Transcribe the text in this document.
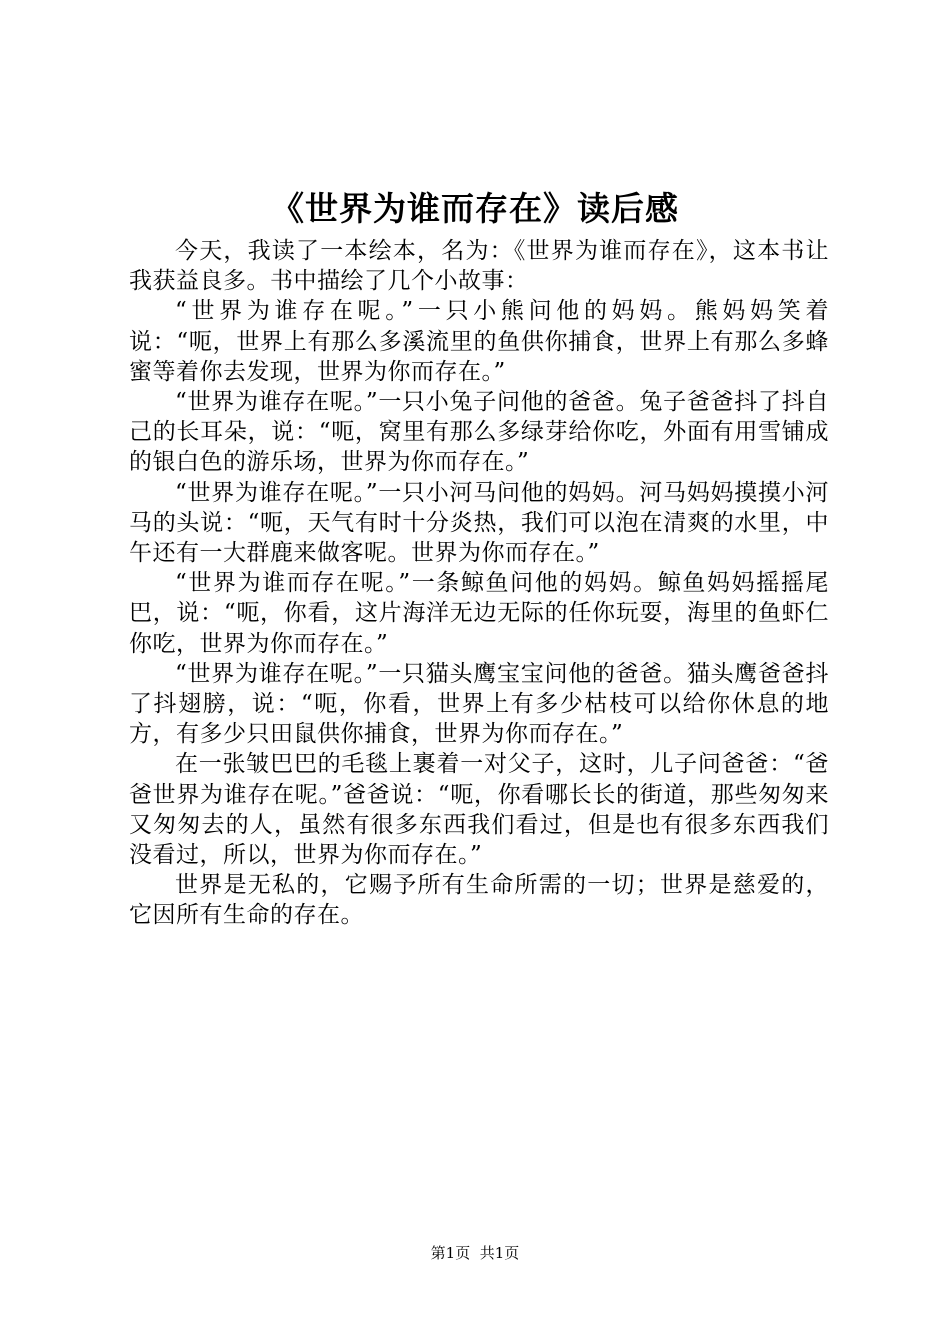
《世界为谁而存在》读后感

今天，我读了一本绘本，名为：《世界为谁而存在》，这本书让我获益良多。书中描绘了几个小故事：

“世界为谁存在呢。”一只小熊问他的妈妈。熊妈妈笑着说：“呃，世界上有那么多溪流里的鱼供你捕食，世界上有那么多蜂蜜等着你去发现，世界为你而存在。”

“世界为谁存在呢。”一只小兔子问他的爸爸。兔子爸爸抖了抖自己的长耳朵，说：“呃，窝里有那么多绿芽给你吃，外面有用雪铺成的银白色的游乐场，世界为你而存在。”

“世界为谁存在呢。”一只小河马问他的妈妈。河马妈妈摸摸小河马的头说：“呃，天气有时十分炎热，我们可以泡在清爽的水里，中午还有一大群鹿来做客呢。世界为你而存在。”

“世界为谁而存在呢。”一条鲸鱼问他的妈妈。鲸鱼妈妈摇摇尾巴，说：“呃，你看，这片海洋无边无际的任你玩耍，海里的鱼虾仁你吃，世界为你而存在。”

“世界为谁存在呢。”一只猫头鹰宝宝问他的爸爸。猫头鹰爸爸抖了抖翅膀，说：“呃，你看，世界上有多少枯枝可以给你休息的地方，有多少只田鼠供你捕食，世界为你而存在。”

在一张皱巴巴的毛毯上裹着一对父子，这时，儿子问爸爸：“爸爸世界为谁存在呢。”爸爸说：“呃，你看哪长长的街道，那些匆匆来又匆匆去的人，虽然有很多东西我们看过，但是也有很多东西我们没看过，所以，世界为你而存在。”

世界是无私的，它赐予所有生命所需的一切；世界是慈爱的，它因所有生命的存在。

第1页 共1页
